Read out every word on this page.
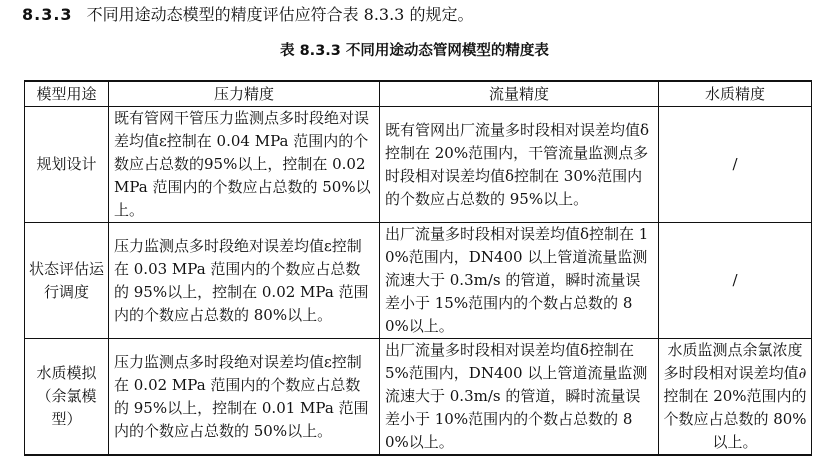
8.3.3 不同用途动态模型的精度评估应符合表 8.3.3 的规定。
表 8.3.3 不同用途动态管网模型的精度表
模型用途	压力精度	流量精度	水质精度
规划设计	既有管网干管压力监测点多时段绝对误差均值ε控制在 0.04 MPa 范围内的个数应占总数的95%以上，控制在 0.02 MPa 范围内的个数应占总数的 50%以上。	既有管网出厂流量多时段相对误差均值δ控制在 20%范围内，干管流量监测点多时段相对误差均值δ控制在 30%范围内的个数应占总数的 95%以上。	/
状态评估运行调度	压力监测点多时段绝对误差均值ε控制在 0.03 MPa 范围内的个数应占总数的 95%以上，控制在 0.02 MPa 范围内的个数应占总数的 80%以上。	出厂流量多时段相对误差均值δ控制在 10%范围内，DN400 以上管道流量监测流速大于 0.3m/s 的管道，瞬时流量误差小于 15%范围内的个数占总数的 80%以上。	/
水质模拟（余氯模型）	压力监测点多时段绝对误差均值ε控制在 0.02 MPa 范围内的个数应占总数的 95%以上，控制在 0.01 MPa 范围内的个数应占总数的 50%以上。	出厂流量多时段相对误差均值δ控制在 5%范围内，DN400 以上管道流量监测流速大于 0.3m/s 的管道，瞬时流量误差小于 10%范围内的个数占总数的 80%以上。	水质监测点余氯浓度多时段相对误差均值∂控制在 20%范围内的个数应占总数的 80%以上。
